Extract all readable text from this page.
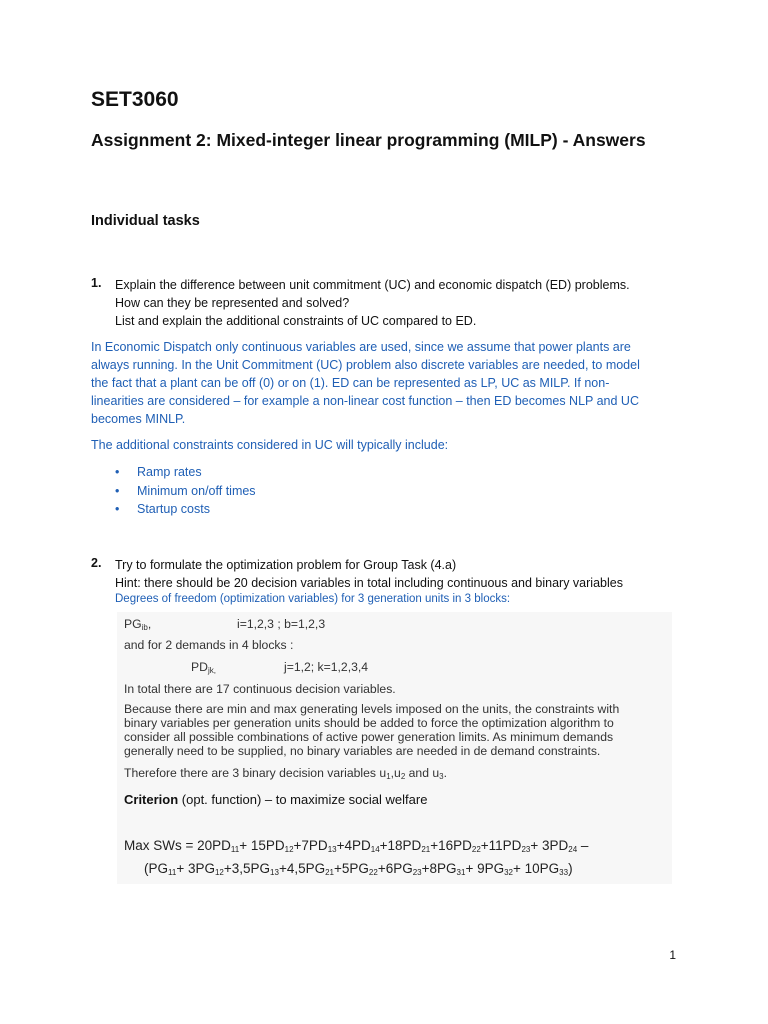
SET3060
Assignment 2: Mixed-integer linear programming (MILP) - Answers
Individual tasks
1. Explain the difference between unit commitment (UC) and economic dispatch (ED) problems.
How can they be represented and solved?
List and explain the additional constraints of UC compared to ED.
In Economic Dispatch only continuous variables are used, since we assume that power plants are
always running. In the Unit Commitment (UC) problem also discrete variables are needed, to model
the fact that a plant can be off (0) or on (1). ED can be represented as LP, UC as MILP. If non-
linearities are considered – for example a non-linear cost function – then ED becomes NLP and UC
becomes MINLP.
The additional constraints considered in UC will typically include:
• Ramp rates
• Minimum on/off times
• Startup costs
2. Try to formulate the optimization problem for Group Task (4.a)
Hint: there should be 20 decision variables in total including continuous and binary variables
Degrees of freedom (optimization variables) for 3 generation units in 3 blocks:
$PG_{ib}$,	i=1,2,3 ; b=1,2,3
and for 2 demands in 4 blocks :
$PD_{jk,}$	j=1,2; k=1,2,3,4
In total there are 17 continuous decision variables.
Because there are min and max generating levels imposed on the units, the constraints with
binary variables per generation units should be added to force the optimization algorithm to
consider all possible combinations of active power generation limits. As minimum demands
generally need to be supplied, no binary variables are needed in de demand constraints.
Therefore there are 3 binary decision variables $u_1,u_2$ and $u_3$.
Criterion (opt. function) – to maximize social welfare
Max SWs = $20PD_{11}+ 15PD_{12}+7PD_{13}+4PD_{14}+18PD_{21}+16PD_{22}+11PD_{23}+ 3PD_{24}$ –
$(PG_{11}+ 3PG_{12}+3,5PG_{13}+4,5PG_{21}+5PG_{22}+6PG_{23}+8PG_{31}+ 9PG_{32}+ 10PG_{33})$
1
